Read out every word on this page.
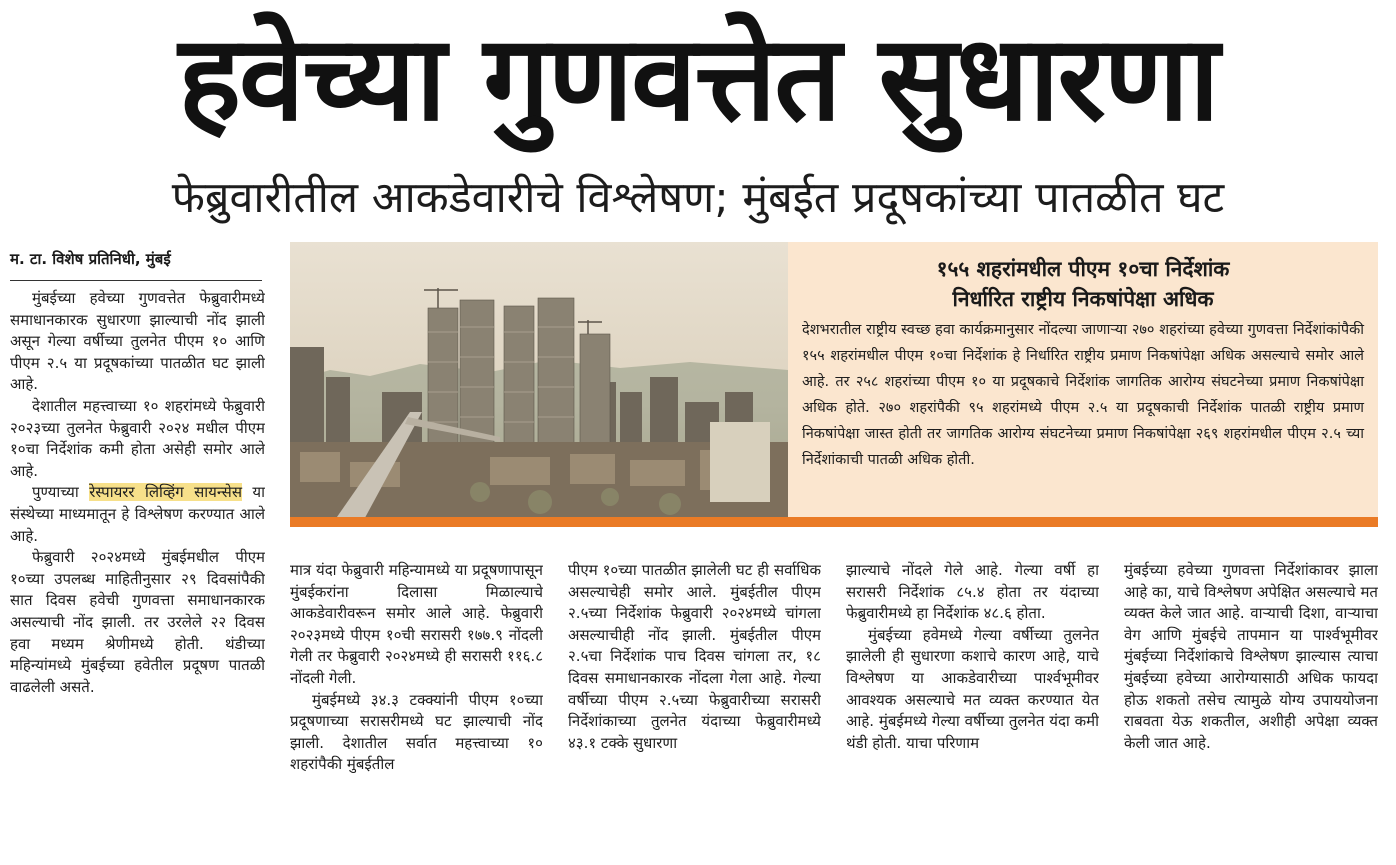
हवेच्या गुणवत्तेत सुधारणा
फेब्रुवारीतील आकडेवारीचे विश्लेषण; मुंबईत प्रदूषकांच्या पातळीत घट
म. टा. विशेष प्रतिनिधी, मुंबई

मुंबईच्या हवेच्या गुणवत्तेत फेब्रुवारीमध्ये समाधानकारक सुधारणा झाल्याची नोंद झाली असून गेल्या वर्षीच्या तुलनेत पीएम १० आणि पीएम २.५ या प्रदूषकांच्या पातळीत घट झाली आहे.

देशातील महत्त्वाच्या १० शहरांमध्ये फेब्रुवारी २०२३च्या तुलनेत फेब्रुवारी २०२४ मधील पीएम १०चा निर्देशांक कमी होता असेही समोर आले आहे.

पुण्याच्या रेस्पायरर लिव्हिंग सायन्सेस या संस्थेच्या माध्यमातून हे विश्लेषण करण्यात आले आहे.

फेब्रुवारी २०२४मध्ये मुंबईमधील पीएम १०च्या उपलब्ध माहितीनुसार २९ दिवसांपैकी सात दिवस हवेची गुणवत्ता समाधानकारक असल्याची नोंद झाली. तर उरलेले २२ दिवस हवा मध्यम श्रेणीमध्ये होती. थंडीच्या महिन्यांमध्ये मुंबईच्या हवेतील प्रदूषण पातळी वाढलेली असते.

१५५ शहरांमधील पीएम १०चा निर्देशांक
निर्धारित राष्ट्रीय निकषांपेक्षा अधिक
देशभरातील राष्ट्रीय स्वच्छ हवा कार्यक्रमानुसार नोंदल्या जाणाऱ्या २७० शहरांच्या हवेच्या गुणवत्ता निर्देशांकांपैकी १५५ शहरांमधील पीएम १०चा निर्देशांक हे निर्धारित राष्ट्रीय प्रमाण निकषांपेक्षा अधिक असल्याचे समोर आले आहे. तर २५८ शहरांच्या पीएम १० या प्रदूषकाचे निर्देशांक जागतिक आरोग्य संघटनेच्या प्रमाण निकषांपेक्षा अधिक होते. २७० शहरांपैकी ९५ शहरांमध्ये पीएम २.५ या प्रदूषकाची निर्देशांक पातळी राष्ट्रीय प्रमाण निकषांपेक्षा जास्त होती तर जागतिक आरोग्य संघटनेच्या प्रमाण निकषांपेक्षा २६९ शहरांमधील पीएम २.५ च्या निर्देशांकाची पातळी अधिक होती.

मात्र यंदा फेब्रुवारी महिन्यामध्ये या प्रदूषणापासून मुंबईकरांना दिलासा मिळाल्याचे आकडेवारीवरून समोर आले आहे. फेब्रुवारी २०२३मध्ये पीएम १०ची सरासरी १७७.९ नोंदली गेली तर फेब्रुवारी २०२४मध्ये ही सरासरी ११६.८ नोंदली गेली.

मुंबईमध्ये ३४.३ टक्क्यांनी पीएम १०च्या प्रदूषणाच्या सरासरीमध्ये घट झाल्याची नोंद झाली. देशातील सर्वात महत्त्वाच्या १० शहरांपैकी मुंबईतील

पीएम १०च्या पातळीत झालेली घट ही सर्वाधिक असल्याचेही समोर आले. मुंबईतील पीएम २.५च्या निर्देशांक फेब्रुवारी २०२४मध्ये चांगला असल्याचीही नोंद झाली. मुंबईतील पीएम २.५चा निर्देशांक पाच दिवस चांगला तर, १८ दिवस समाधानकारक नोंदला गेला आहे. गेल्या वर्षीच्या पीएम २.५च्या फेब्रुवारीच्या सरासरी निर्देशांकाच्या तुलनेत यंदाच्या फेब्रुवारीमध्ये ४३.१ टक्के सुधारणा

झाल्याचे नोंदले गेले आहे. गेल्या वर्षी हा सरासरी निर्देशांक ८५.४ होता तर यंदाच्या फेब्रुवारीमध्ये हा निर्देशांक ४८.६ होता.

मुंबईच्या हवेमध्ये गेल्या वर्षीच्या तुलनेत झालेली ही सुधारणा कशाचे कारण आहे, याचे विश्लेषण या आकडेवारीच्या पार्श्वभूमीवर आवश्यक असल्याचे मत व्यक्त करण्यात येत आहे. मुंबईमध्ये गेल्या वर्षीच्या तुलनेत यंदा कमी थंडी होती. याचा परिणाम

मुंबईच्या हवेच्या गुणवत्ता निर्देशांकावर झाला आहे का, याचे विश्लेषण अपेक्षित असल्याचे मत व्यक्त केले जात आहे. वाऱ्याची दिशा, वाऱ्याचा वेग आणि मुंबईचे तापमान या पार्श्वभूमीवर मुंबईच्या निर्देशांकाचे विश्लेषण झाल्यास त्याचा मुंबईच्या हवेच्या आरोग्यासाठी अधिक फायदा होऊ शकतो तसेच त्यामुळे योग्य उपाययोजना राबवता येऊ शकतील, अशीही अपेक्षा व्यक्त केली जात आहे.
